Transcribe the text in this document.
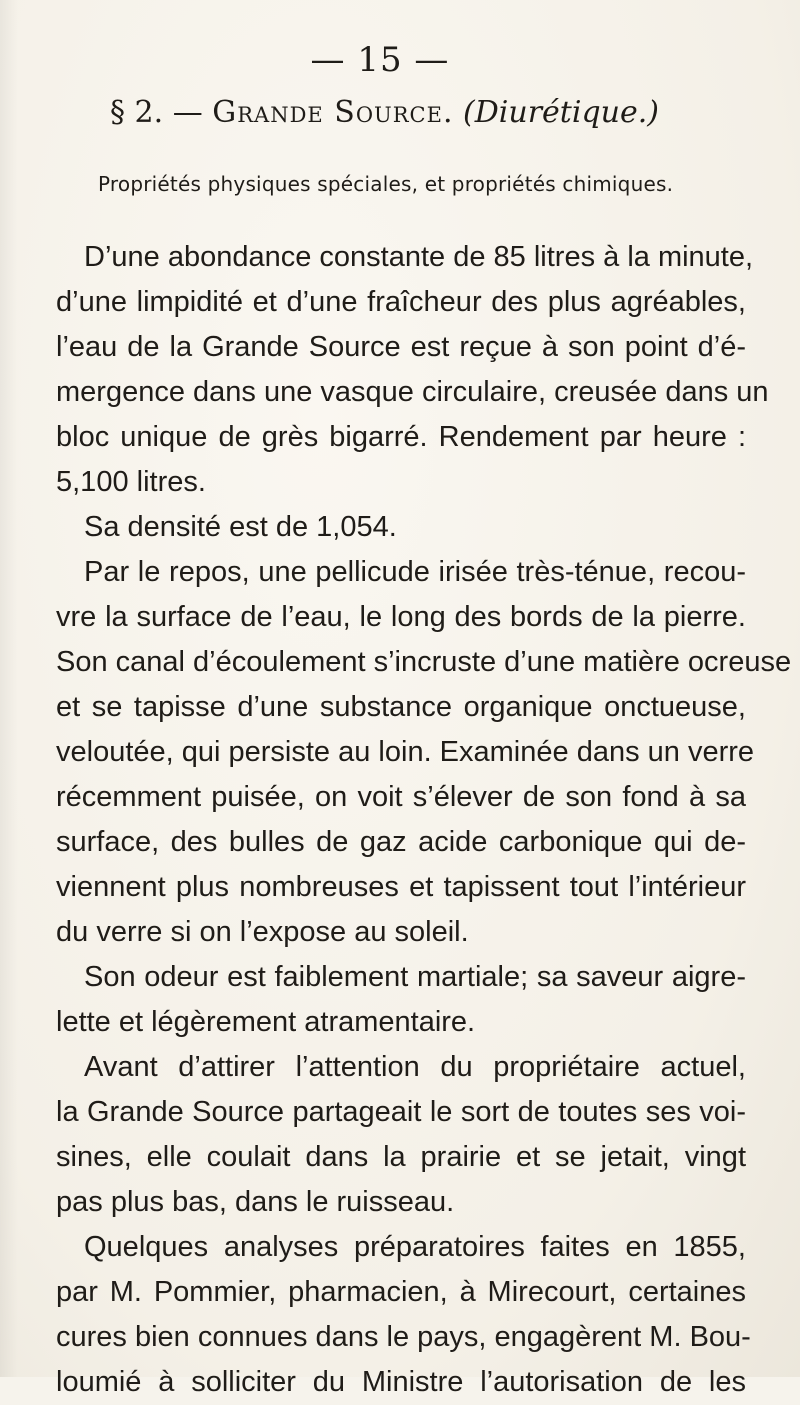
— 15 —
§ 2. — Grande Source. (Diurétique.)
Propriétés physiques spéciales, et propriétés chimiques.
D’une abondance constante de 85 litres à la minute,
d’une limpidité et d’une fraîcheur des plus agréables,
l’eau de la Grande Source est reçue à son point d’é-
mergence dans une vasque circulaire, creusée dans un
bloc unique de grès bigarré. Rendement par heure :
5,100 litres.
Sa densité est de 1,054.
Par le repos, une pellicude irisée très-ténue, recou-
vre la surface de l’eau, le long des bords de la pierre.
Son canal d’écoulement s’incruste d’une matière ocreuse
et se tapisse d’une substance organique onctueuse,
veloutée, qui persiste au loin. Examinée dans un verre
récemment puisée, on voit s’élever de son fond à sa
surface, des bulles de gaz acide carbonique qui de-
viennent plus nombreuses et tapissent tout l’intérieur
du verre si on l’expose au soleil.
Son odeur est faiblement martiale; sa saveur aigre-
lette et légèrement atramentaire.
Avant d’attirer l’attention du propriétaire actuel,
la Grande Source partageait le sort de toutes ses voi-
sines, elle coulait dans la prairie et se jetait, vingt
pas plus bas, dans le ruisseau.
Quelques analyses préparatoires faites en 1855,
par M. Pommier, pharmacien, à Mirecourt, certaines
cures bien connues dans le pays, engagèrent M. Bou-
loumié à solliciter du Ministre l’autorisation de les
